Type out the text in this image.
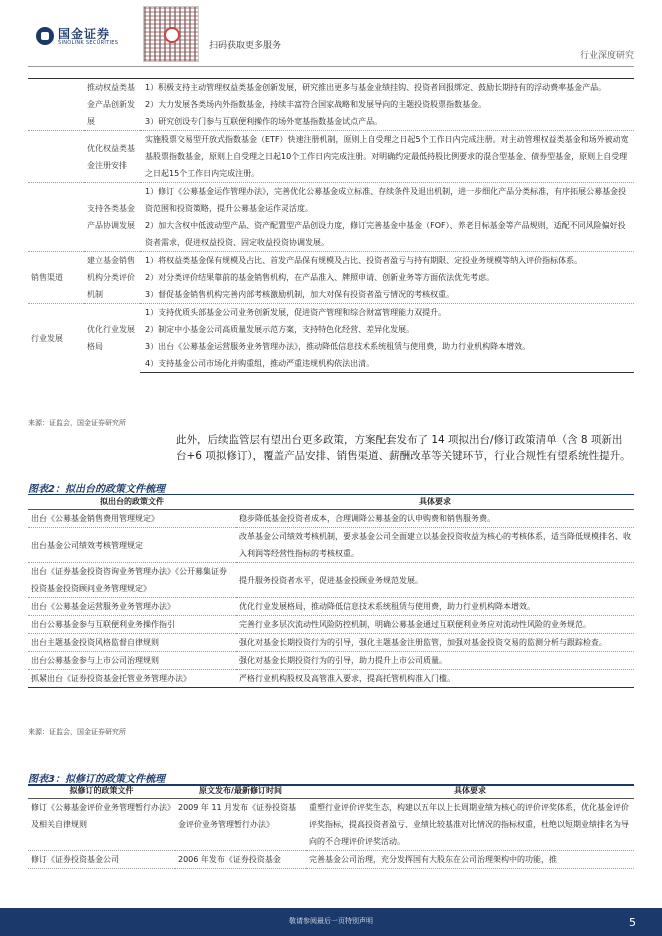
国金证券
SINOLINK SECURITIES	扫码获取更多服务
行业深度研究
	推动权益类基金产品创新发展	1）积极支持主动管理权益类基金创新发展，研究推出更多与基金业绩挂钩、投资者回报绑定、鼓励长期持有的浮动费率基金产品。
		2）大力发展各类场内外指数基金，持续丰富符合国家战略和发展导向的主题投资股票指数基金。
		3）研究创设专门参与互联便利操作的场外宽基指数基金试点产品。
	优化权益类基金注册安排	实施股票交易型开放式指数基金（ETF）快速注册机制，原则上自受理之日起5个工作日内完成注册。对主动管理权益类基金和场外被动宽基股票指数基金，原则上自受理之日起10个工作日内完成注册。对明确约定最低持股比例要求的混合型基金、债券型基金，原则上自受理之日起15个工作日内完成注册。
	支持各类基金产品协调发展	1）修订《公募基金运作管理办法》，完善优化公募基金成立标准、存续条件及退出机制，进一步细化产品分类标准，有序拓展公募基金投资范围和投资策略，提升公募基金运作灵活度。
		2）加大含权中低波动型产品、资产配置型产品创设力度，修订完善基金中基金（FOF）、养老目标基金等产品规则，适配不同风险偏好投资者需求，促进权益投资、固定收益投资协调发展。
销售渠道	建立基金销售机构分类评价机制	1）将权益类基金保有规模及占比、首发产品保有规模及占比、投资者盈亏与持有期限、定投业务规模等纳入评价指标体系。
		2）对分类评价结果靠前的基金销售机构，在产品准入、牌照申请、创新业务等方面依法优先考虑。
		3）督促基金销售机构完善内部考核激励机制，加大对保有投资者盈亏情况的考核权重。
行业发展	优化行业发展格局	1）支持优质头部基金公司业务创新发展，促进资产管理和综合财富管理能力双提升。
		2）制定中小基金公司高质量发展示范方案，支持特色化经营、差异化发展。
		3）出台《公募基金运营服务业务管理办法》，推动降低信息技术系统租赁与使用费，助力行业机构降本增效。
		4）支持基金公司市场化并购重组，推动严重违规机构依法出清。
来源：证监会，国金证券研究所
此外，后续监管层有望出台更多政策，方案配套发布了 14 项拟出台/修订政策清单（含 8 项新出台+6 项拟修订），覆盖产品安排、销售渠道、薪酬改革等关键环节，行业合规性有望系统性提升。
图表2：拟出台的政策文件梳理
拟出台的政策文件	具体要求
出台《公募基金销售费用管理规定》	稳步降低基金投资者成本，合理调降公募基金的认申购费和销售服务费。
出台基金公司绩效考核管理规定	改革基金公司绩效考核机制，要求基金公司全面建立以基金投资收益为核心的考核体系，适当降低规模排名、收入利润等经营性指标的考核权重。
出台《证券基金投资咨询业务管理办法》《公开募集证券投资基金投资顾问业务管理规定》	提升服务投资者水平，促进基金投顾业务规范发展。
出台《公募基金运营服务业务管理办法》	优化行业发展格局，推动降低信息技术系统租赁与使用费，助力行业机构降本增效。
出台公募基金参与互联便利业务操作指引	完善行业多层次流动性风险防控机制，明确公募基金通过互联便利业务应对流动性风险的业务规范。
出台主题基金投资风格监督自律规则	强化对基金长期投资行为的引导，强化主题基金注册监管，加强对基金投资交易的监测分析与跟踪检查。
出台公募基金参与上市公司治理规则	强化对基金长期投资行为的引导，助力提升上市公司质量。
抓紧出台《证券投资基金托管业务管理办法》	严格行业机构股权及高管准入要求，提高托管机构准入门槛。
来源：证监会，国金证券研究所
图表3：拟修订的政策文件梳理
拟修订的政策文件	原文发布/最新修订时间	具体要求
修订《公募基金评价业务管理暂行办法》及相关自律规则	2009 年 11 月发布《证券投资基金评价业务管理暂行办法》	重塑行业评价评奖生态，构建以五年以上长周期业绩为核心的评价评奖体系，优化基金评价评奖指标，提高投资者盈亏、业绩比较基准对比情况的指标权重，杜绝以短期业绩排名为导向的不合理评价评奖活动。
修订《证券投资基金公司	2006 年发布《证券投资基金	完善基金公司治理，充分发挥国有大股东在公司治理架构中的功能，推
敬请参阅最后一页特别声明	5
